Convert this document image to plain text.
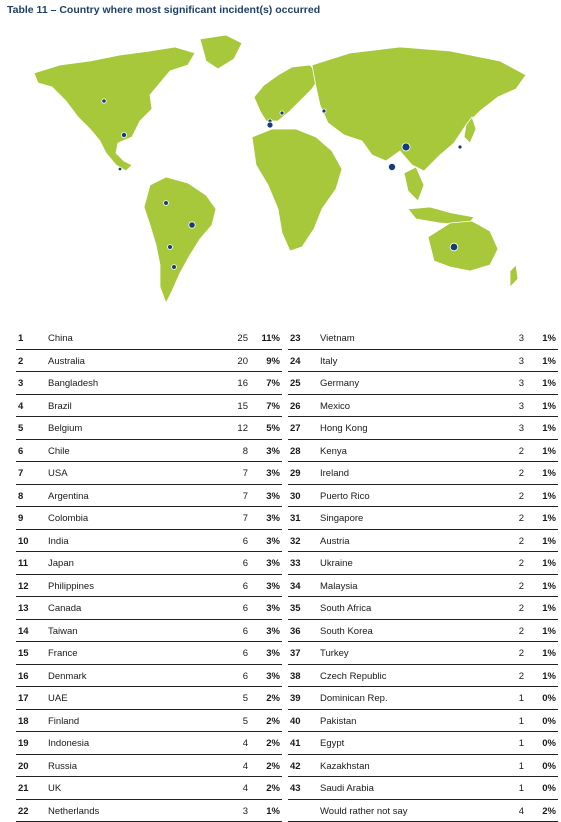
Table 11 – Country where most significant incident(s) occurred
1	China	25 11%
2	Australia	20 9%
3	Bangladesh	16 7%
4	Brazil	15 7%
5	Belgium	12 5%
6	Chile	8 3%
7	USA	7 3%
8	Argentina	7 3%
9	Colombia	7 3%
10 India	6 3%
11 Japan	6 3%
12 Philippines	6 3%
13 Canada	6 3%
14 Taiwan	6 3%
15 France	6 3%
16 Denmark	6 3%
17 UAE	5 2%
18 Finland	5 2%
19 Indonesia	4 2%
20 Russia	4 2%
21 UK	4 2%
22 Netherlands	3 1%
23 Vietnam	3 1%
24 Italy	3 1%
25 Germany	3 1%
26 Mexico	3 1%
27 Hong Kong	3 1%
28 Kenya	2 1%
29 Ireland	2 1%
30 Puerto Rico	2 1%
31 Singapore	2 1%
32 Austria	2 1%
33 Ukraine	2 1%
34 Malaysia	2 1%
35 South Africa	2 1%
36 South Korea	2 1%
37 Turkey	2 1%
38 Czech Republic	2 1%
39 Dominican Rep.	1 0%
40 Pakistan	1 0%
41 Egypt	1 0%
42 Kazakhstan	1 0%
43 Saudi Arabia	1 0%
Would rather not say	4 2%
